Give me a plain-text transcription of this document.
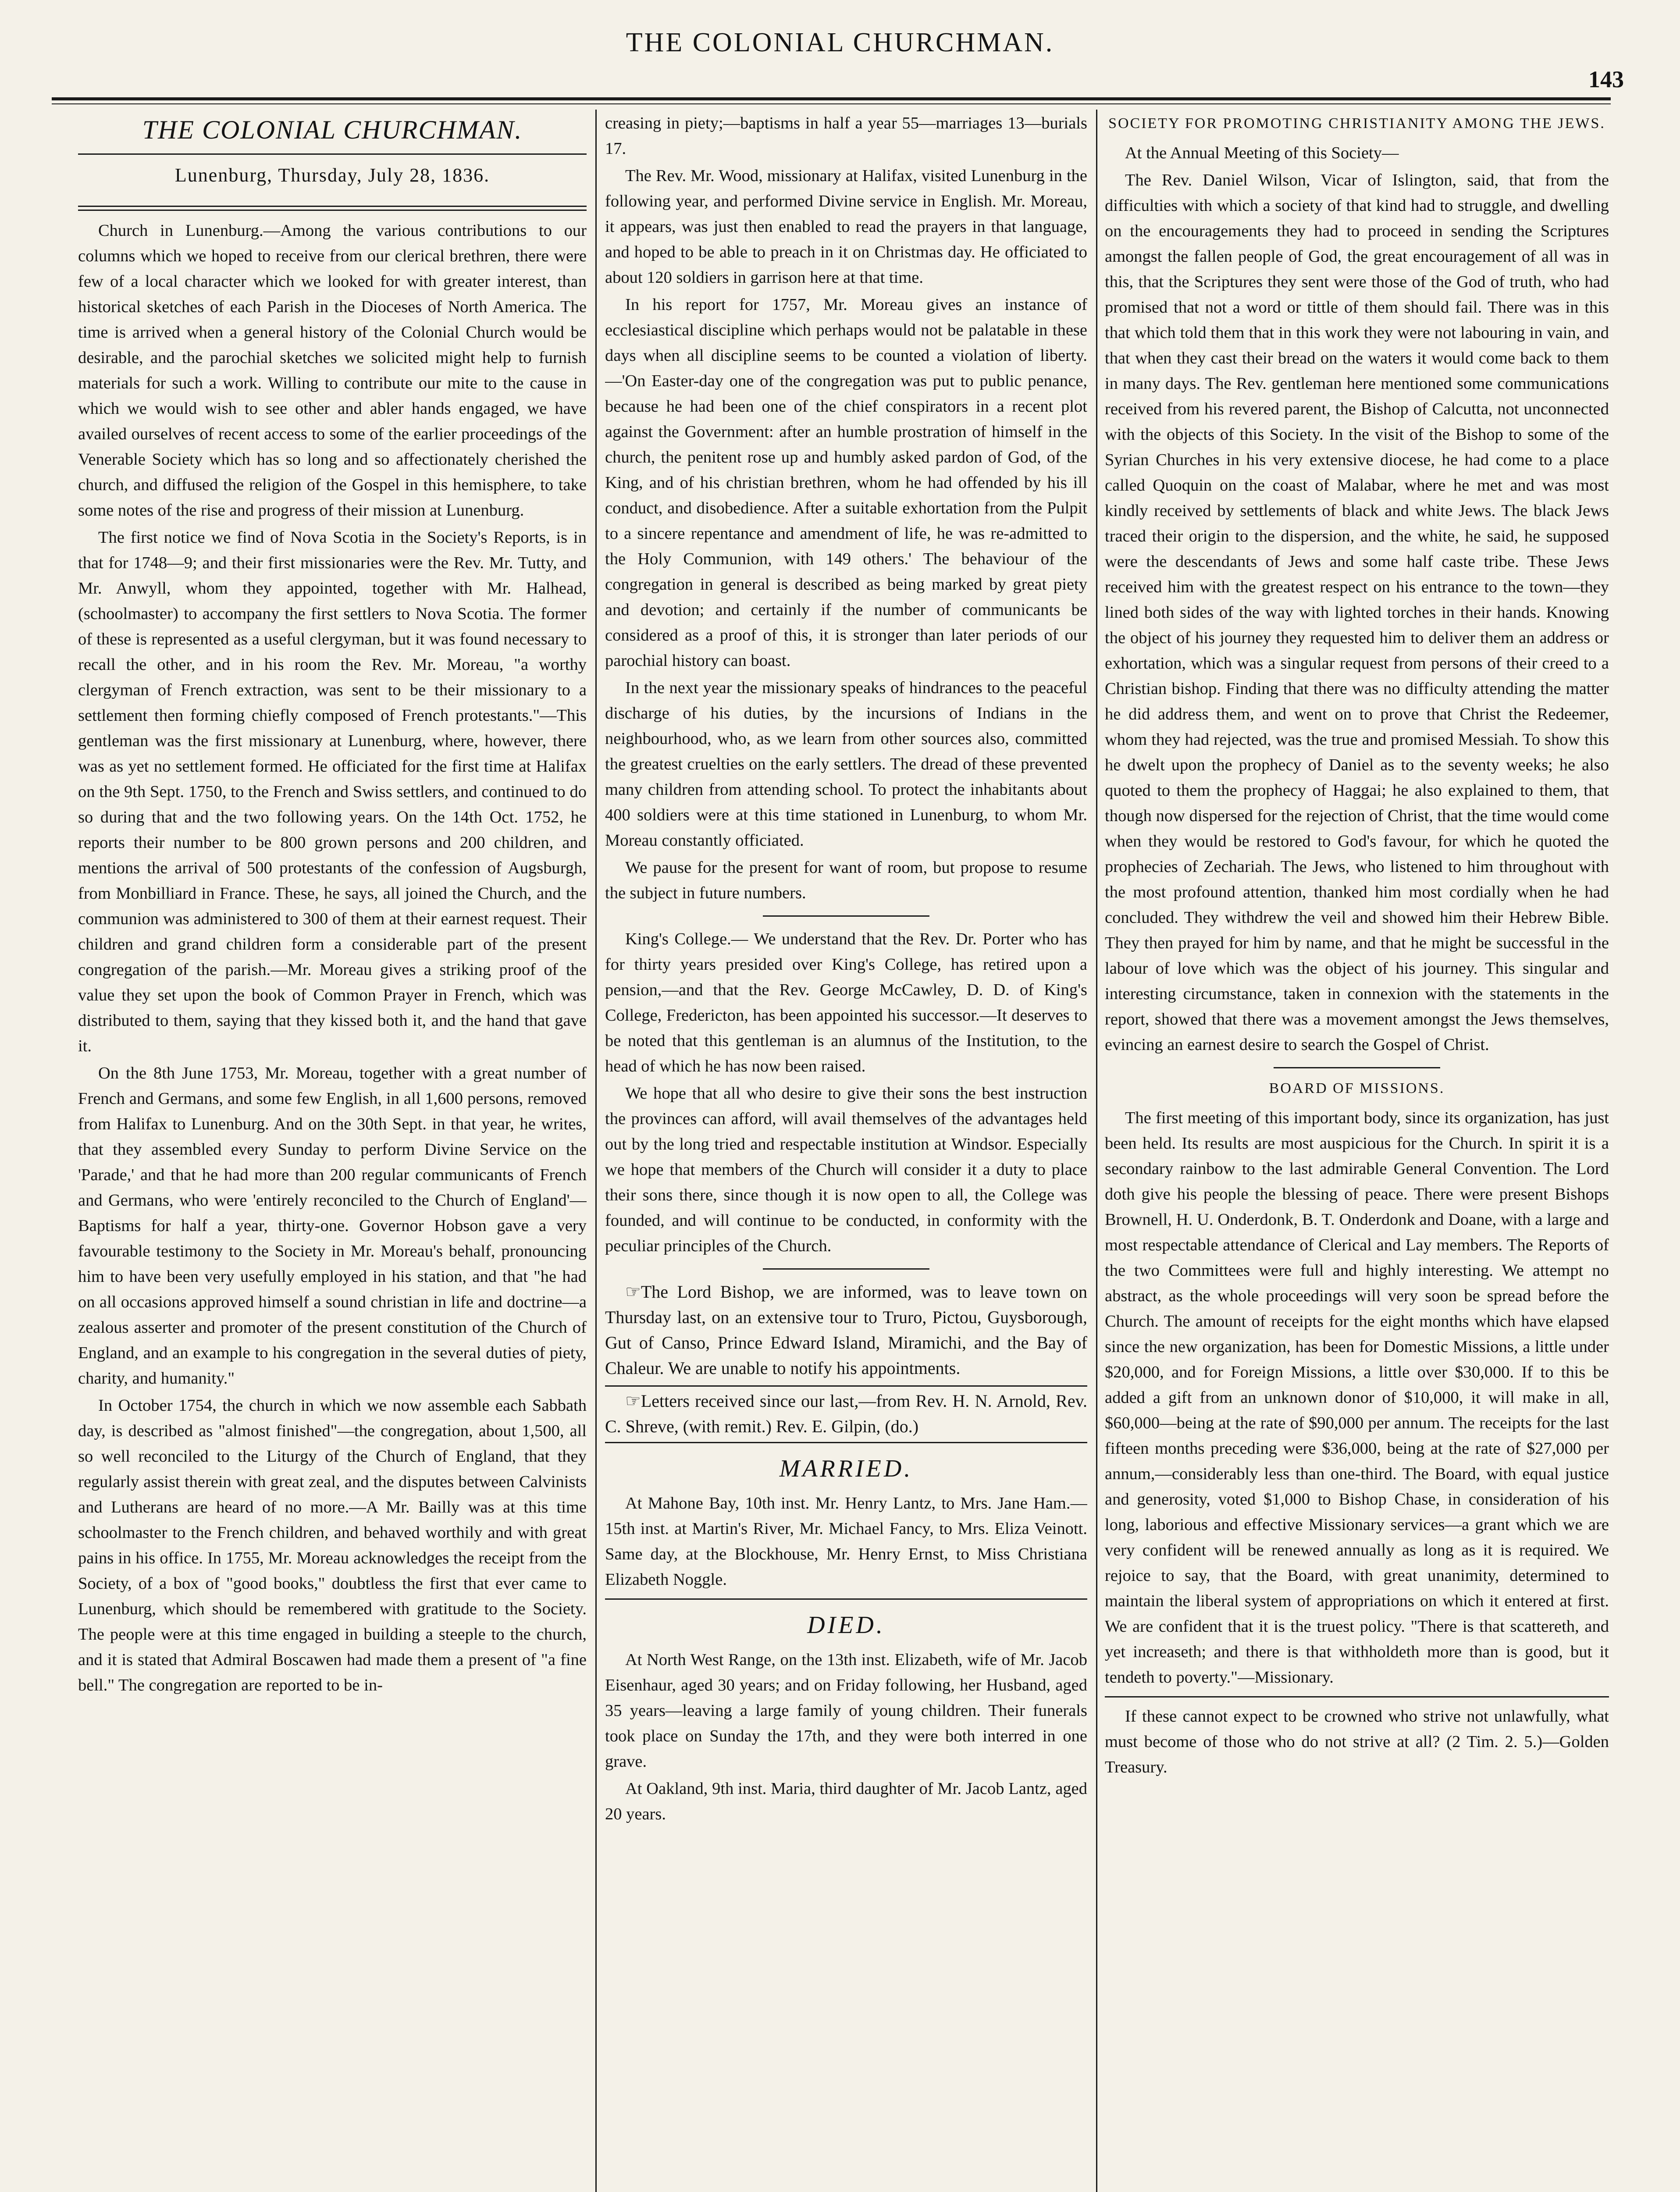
THE COLONIAL CHURCHMAN.
143
THE COLONIAL CHURCHMAN.
Lunenburg, Thursday, July 28, 1836.

Church in Lunenburg.—Among the various contributions to our columns which we hoped to receive from our clerical brethren, there were few of a local character which we looked for with greater interest, than historical sketches of each Parish in the Dioceses of North America. The time is arrived when a general history of the Colonial Church would be desirable, and the parochial sketches we solicited might help to furnish materials for such a work. Willing to contribute our mite to the cause in which we would wish to see other and abler hands engaged, we have availed ourselves of recent access to some of the earlier proceedings of the Venerable Society which has so long and so affectionately cherished the church, and diffused the religion of the Gospel in this hemisphere, to take some notes of the rise and progress of their mission at Lunenburg.

The first notice we find of Nova Scotia in the Society's Reports, is in that for 1748—9; and their first missionaries were the Rev. Mr. Tutty, and Mr. Anwyll, whom they appointed, together with Mr. Halhead, (schoolmaster) to accompany the first settlers to Nova Scotia. The former of these is represented as a useful clergyman, but it was found necessary to recall the other, and in his room the Rev. Mr. Moreau, "a worthy clergyman of French extraction, was sent to be their missionary to a settlement then forming chiefly composed of French protestants."—This gentleman was the first missionary at Lunenburg, where, however, there was as yet no settlement formed. He officiated for the first time at Halifax on the 9th Sept. 1750, to the French and Swiss settlers, and continued to do so during that and the two following years. On the 14th Oct. 1752, he reports their number to be 800 grown persons and 200 children, and mentions the arrival of 500 protestants of the confession of Augsburgh, from Monbilliard in France. These, he says, all joined the Church, and the communion was administered to 300 of them at their earnest request. Their children and grand children form a considerable part of the present congregation of the parish.—Mr. Moreau gives a striking proof of the value they set upon the book of Common Prayer in French, which was distributed to them, saying that they kissed both it, and the hand that gave it.

On the 8th June 1753, Mr. Moreau, together with a great number of French and Germans, and some few English, in all 1,600 persons, removed from Halifax to Lunenburg. And on the 30th Sept. in that year, he writes, that they assembled every Sunday to perform Divine Service on the 'Parade,' and that he had more than 200 regular communicants of French and Germans, who were 'entirely reconciled to the Church of England'—Baptisms for half a year, thirty-one. Governor Hobson gave a very favourable testimony to the Society in Mr. Moreau's behalf, pronouncing him to have been very usefully employed in his station, and that "he had on all occasions approved himself a sound christian in life and doctrine—a zealous asserter and promoter of the present constitution of the Church of England, and an example to his congregation in the several duties of piety, charity, and humanity."

In October 1754, the church in which we now assemble each Sabbath day, is described as "almost finished"—the congregation, about 1,500, all so well reconciled to the Liturgy of the Church of England, that they regularly assist therein with great zeal, and the disputes between Calvinists and Lutherans are heard of no more.—A Mr. Bailly was at this time schoolmaster to the French children, and behaved worthily and with great pains in his office. In 1755, Mr. Moreau acknowledges the receipt from the Society, of a box of "good books," doubtless the first that ever came to Lunenburg, which should be remembered with gratitude to the Society. The people were at this time engaged in building a steeple to the church, and it is stated that Admiral Boscawen had made them a present of "a fine bell." The congregation are reported to be in-

creasing in piety;—baptisms in half a year 55—marriages 13—burials 17.

The Rev. Mr. Wood, missionary at Halifax, visited Lunenburg in the following year, and performed Divine service in English. Mr. Moreau, it appears, was just then enabled to read the prayers in that language, and hoped to be able to preach in it on Christmas day. He officiated to about 120 soldiers in garrison here at that time.

In his report for 1757, Mr. Moreau gives an instance of ecclesiastical discipline which perhaps would not be palatable in these days when all discipline seems to be counted a violation of liberty.—'On Easter-day one of the congregation was put to public penance, because he had been one of the chief conspirators in a recent plot against the Government: after an humble prostration of himself in the church, the penitent rose up and humbly asked pardon of God, of the King, and of his christian brethren, whom he had offended by his ill conduct, and disobedience. After a suitable exhortation from the Pulpit to a sincere repentance and amendment of life, he was re-admitted to the Holy Communion, with 149 others.' The behaviour of the congregation in general is described as being marked by great piety and devotion; and certainly if the number of communicants be considered as a proof of this, it is stronger than later periods of our parochial history can boast.

In the next year the missionary speaks of hindrances to the peaceful discharge of his duties, by the incursions of Indians in the neighbourhood, who, as we learn from other sources also, committed the greatest cruelties on the early settlers. The dread of these prevented many children from attending school. To protect the inhabitants about 400 soldiers were at this time stationed in Lunenburg, to whom Mr. Moreau constantly officiated.

We pause for the present for want of room, but propose to resume the subject in future numbers.

King's College.— We understand that the Rev. Dr. Porter who has for thirty years presided over King's College, has retired upon a pension,—and that the Rev. George McCawley, D. D. of King's College, Fredericton, has been appointed his successor.—It deserves to be noted that this gentleman is an alumnus of the Institution, to the head of which he has now been raised.

We hope that all who desire to give their sons the best instruction the provinces can afford, will avail themselves of the advantages held out by the long tried and respectable institution at Windsor. Especially we hope that members of the Church will consider it a duty to place their sons there, since though it is now open to all, the College was founded, and will continue to be conducted, in conformity with the peculiar principles of the Church.

☞The Lord Bishop, we are informed, was to leave town on Thursday last, on an extensive tour to Truro, Pictou, Guysborough, Gut of Canso, Prince Edward Island, Miramichi, and the Bay of Chaleur. We are unable to notify his appointments.

☞Letters received since our last,—from Rev. H. N. Arnold, Rev. C. Shreve, (with remit.) Rev. E. Gilpin, (do.)

MARRIED.

At Mahone Bay, 10th inst. Mr. Henry Lantz, to Mrs. Jane Ham.—15th inst. at Martin's River, Mr. Michael Fancy, to Mrs. Eliza Veinott. Same day, at the Blockhouse, Mr. Henry Ernst, to Miss Christiana Elizabeth Noggle.

DIED.

At North West Range, on the 13th inst. Elizabeth, wife of Mr. Jacob Eisenhaur, aged 30 years; and on Friday following, her Husband, aged 35 years—leaving a large family of young children. Their funerals took place on Sunday the 17th, and they were both interred in one grave.

At Oakland, 9th inst. Maria, third daughter of Mr. Jacob Lantz, aged 20 years.

SOCIETY FOR PROMOTING CHRISTIANITY AMONG THE JEWS.

At the Annual Meeting of this Society—

The Rev. Daniel Wilson, Vicar of Islington, said, that from the difficulties with which a society of that kind had to struggle, and dwelling on the encouragements they had to proceed in sending the Scriptures amongst the fallen people of God, the great encouragement of all was in this, that the Scriptures they sent were those of the God of truth, who had promised that not a word or tittle of them should fail. There was in this that which told them that in this work they were not labouring in vain, and that when they cast their bread on the waters it would come back to them in many days. The Rev. gentleman here mentioned some communications received from his revered parent, the Bishop of Calcutta, not unconnected with the objects of this Society. In the visit of the Bishop to some of the Syrian Churches in his very extensive diocese, he had come to a place called Quoquin on the coast of Malabar, where he met and was most kindly received by settlements of black and white Jews. The black Jews traced their origin to the dispersion, and the white, he said, he supposed were the descendants of Jews and some half caste tribe. These Jews received him with the greatest respect on his entrance to the town—they lined both sides of the way with lighted torches in their hands. Knowing the object of his journey they requested him to deliver them an address or exhortation, which was a singular request from persons of their creed to a Christian bishop. Finding that there was no difficulty attending the matter he did address them, and went on to prove that Christ the Redeemer, whom they had rejected, was the true and promised Messiah. To show this he dwelt upon the prophecy of Daniel as to the seventy weeks; he also quoted to them the prophecy of Haggai; he also explained to them, that though now dispersed for the rejection of Christ, that the time would come when they would be restored to God's favour, for which he quoted the prophecies of Zechariah. The Jews, who listened to him throughout with the most profound attention, thanked him most cordially when he had concluded. They withdrew the veil and showed him their Hebrew Bible. They then prayed for him by name, and that he might be successful in the labour of love which was the object of his journey. This singular and interesting circumstance, taken in connexion with the statements in the report, showed that there was a movement amongst the Jews themselves, evincing an earnest desire to search the Gospel of Christ.

BOARD OF MISSIONS.

The first meeting of this important body, since its organization, has just been held. Its results are most auspicious for the Church. In spirit it is a secondary rainbow to the last admirable General Convention. The Lord doth give his people the blessing of peace. There were present Bishops Brownell, H. U. Onderdonk, B. T. Onderdonk and Doane, with a large and most respectable attendance of Clerical and Lay members. The Reports of the two Committees were full and highly interesting. We attempt no abstract, as the whole proceedings will very soon be spread before the Church. The amount of receipts for the eight months which have elapsed since the new organization, has been for Domestic Missions, a little under $20,000, and for Foreign Missions, a little over $30,000. If to this be added a gift from an unknown donor of $10,000, it will make in all, $60,000—being at the rate of $90,000 per annum. The receipts for the last fifteen months preceding were $36,000, being at the rate of $27,000 per annum,—considerably less than one-third. The Board, with equal justice and generosity, voted $1,000 to Bishop Chase, in consideration of his long, laborious and effective Missionary services—a grant which we are very confident will be renewed annually as long as it is required. We rejoice to say, that the Board, with great unanimity, determined to maintain the liberal system of appropriations on which it entered at first. We are confident that it is the truest policy. "There is that scattereth, and yet increaseth; and there is that withholdeth more than is good, but it tendeth to poverty."—Missionary.

If these cannot expect to be crowned who strive not unlawfully, what must become of those who do not strive at all? (2 Tim. 2. 5.)—Golden Treasury.
